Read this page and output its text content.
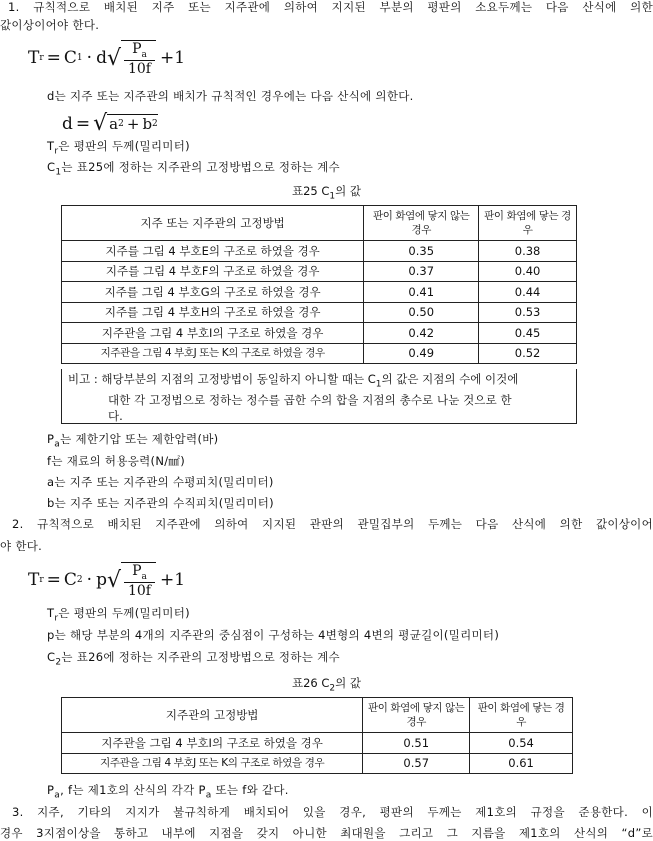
1. 규칙적으로 배치된 지주 또는 지주관에 의하여 지지된 부분의 평판의 소요두께는 다음 산식에 의한
값이상이어야 한다.
T r = C 1 · d √ $\frac{P_a}{10f} +1$
d는 지주 또는 지주관의 배치가 규칙적인 경우에는 다음 산식에 의한다.
d = √ a 2 + b 2
$T_r$은 평판의 두께(밀리미터)
$C_1$는 표25에 정하는 지주관의 고정방법으로 정하는 계수
표25 $C_1$의 값
지주 또는 지주관의 고정방법	판이 화염에 닿지 않는 경우	판이 화염에 닿는 경우
지주를 그림 4 부호E의 구조로 하였을 경우	0.35	0.38
지주를 그림 4 부호F의 구조로 하였을 경우	0.37	0.40
지주를 그림 4 부호G의 구조로 하였을 경우	0.41	0.44
지주를 그림 4 부호H의 구조로 하였을 경우	0.50	0.53
지주관을 그림 4 부호I의 구조로 하였을 경우	0.42	0.45
지주관을 그림 4 부호J 또는 K의 구조로 하였을 경우	0.49	0.52
비고 : 해당부분의 지점의 고정방법이 동일하지 아니할 때는 $C_1$의 값은 지점의 수에 이것에
대한 각 고정법으로 정하는 정수를 곱한 수의 합을 지점의 총수로 나눈 것으로 한
다.
$P_a$는 제한기압 또는 제한압력(바)
f는 재료의 허용응력(N/㎟)
a는 지주 또는 지주관의 수평피치(밀리미터)
b는 지주 또는 지주관의 수직피치(밀리미터)
2. 규칙적으로 배치된 지주관에 의하여 지지된 관판의 관밀집부의 두께는 다음 산식에 의한 값이상이어
야 한다.
T r = C 2 · p √ $\frac{P_a}{10f} +1$
$T_r$은 평판의 두께(밀리미터)
p는 해당 부분의 4개의 지주관의 중심점이 구성하는 4변형의 4변의 평균길이(밀리미터)
$C_2$는 표26에 정하는 지주관의 고정방법으로 정하는 계수
표26 $C_2$의 값
지주관의 고정방법	판이 화염에 닿지 않는 경우	판이 화염에 닿는 경우
지주관을 그림 4 부호I의 구조로 하였을 경우	0.51	0.54
지주관을 그림 4 부호J 또는 K의 구조로 하였을 경우	0.57	0.61
$P_a$, f는 제1호의 산식의 각각 $P_a$ 또는 f와 같다.
3. 지주, 기타의 지지가 불규칙하게 배치되어 있을 경우, 평판의 두께는 제1호의 규정을 준용한다. 이
경우 3지점이상을 통하고 내부에 지점을 갖지 아니한 최대원을 그리고 그 지름을 제1호의 산식의 “d”로
